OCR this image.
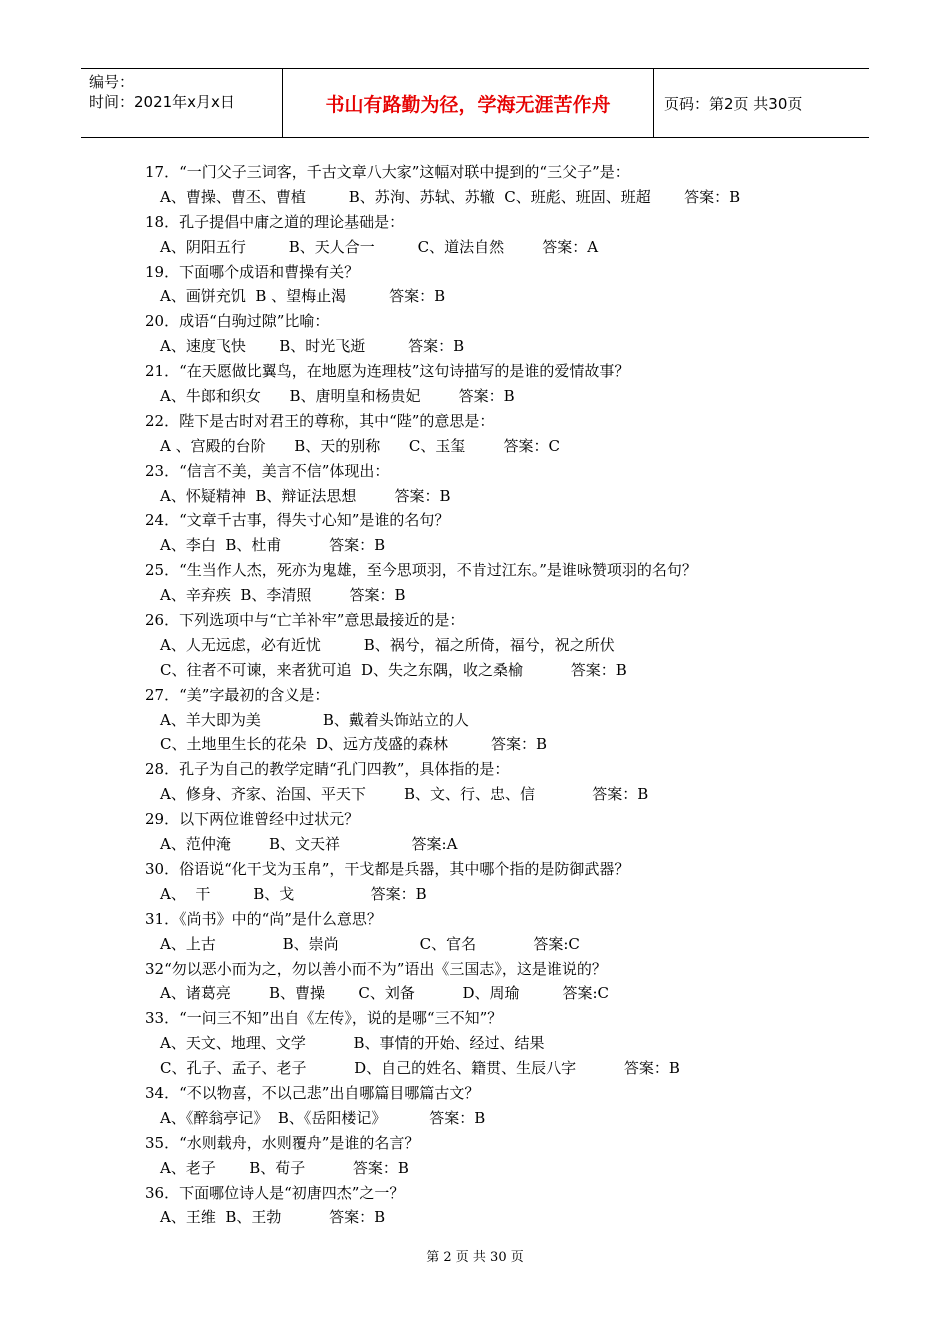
编号：
时间：2021年x月x日	书山有路勤为径，学海无涯苦作舟	页码：第2页 共30页
17．“一门父子三词客，千古文章八大家”这幅对联中提到的“三父子”是：
A、曹操、曹丕、曹植         B、苏洵、苏轼、苏辙  C、班彪、班固、班超       答案：B
18．孔子提倡中庸之道的理论基础是：
A、阴阳五行         B、天人合一         C、道法自然        答案：A
19．下面哪个成语和曹操有关？
A、画饼充饥  B 、望梅止渴         答案：B
20．成语“白驹过隙”比喻：
A、速度飞快       B、时光飞逝         答案：B
21．“在天愿做比翼鸟，在地愿为连理枝”这句诗描写的是谁的爱情故事？
A、牛郎和织女      B、唐明皇和杨贵妃        答案：B
22．陛下是古时对君王的尊称，其中“陛”的意思是：
A 、宫殿的台阶      B、天的别称      C、玉玺        答案：C
23．“信言不美，美言不信”体现出：
A、怀疑精神  B、辩证法思想        答案：B
24．“文章千古事，得失寸心知”是谁的名句？
A、李白  B、杜甫          答案：B
25．“生当作人杰，死亦为鬼雄，至今思项羽，不肯过江东。”是谁咏赞项羽的名句？
A、辛弃疾  B、李清照        答案：B
26．下列选项中与“亡羊补牢”意思最接近的是：
A、人无远虑，必有近忧         B、祸兮，福之所倚，福兮，祝之所伏
C、往者不可谏，来者犹可追  D、失之东隅，收之桑榆          答案：B
27．“美”字最初的含义是：
A、羊大即为美             B、戴着头饰站立的人
C、土地里生长的花朵  D、远方茂盛的森林         答案：B
28．孔子为自己的教学定睛“孔门四教”，具体指的是：
A、修身、齐家、治国、平天下        B、文、行、忠、信            答案：B
29．以下两位谁曾经中过状元？
A、范仲淹        B、文天祥               答案:A
30．俗语说“化干戈为玉帛”，干戈都是兵器，其中哪个指的是防御武器？
A、  干         B、戈                答案：B
31．《尚书》中的“尚”是什么意思？
A、上古              B、崇尚                 C、官名            答案:C
32“勿以恶小而为之，勿以善小而不为”语出《三国志》，这是谁说的？
A、诸葛亮        B、曹操       C、刘备          D、周瑜         答案:C
33．“一问三不知”出自《左传》，说的是哪“三不知”？
A、天文、地理、文学          B、事情的开始、经过、结果
C、孔子、孟子、老子          D、自己的姓名、籍贯、生辰八字          答案：B
34．“不以物喜，不以己悲”出自哪篇目哪篇古文？
A、《醉翁亭记》  B、《岳阳楼记》         答案：B
35．“水则载舟，水则覆舟”是谁的名言？
A、老子       B、荀子          答案：B
36．下面哪位诗人是“初唐四杰”之一？
A、王维  B、王勃          答案：B
第 2 页 共 30 页
